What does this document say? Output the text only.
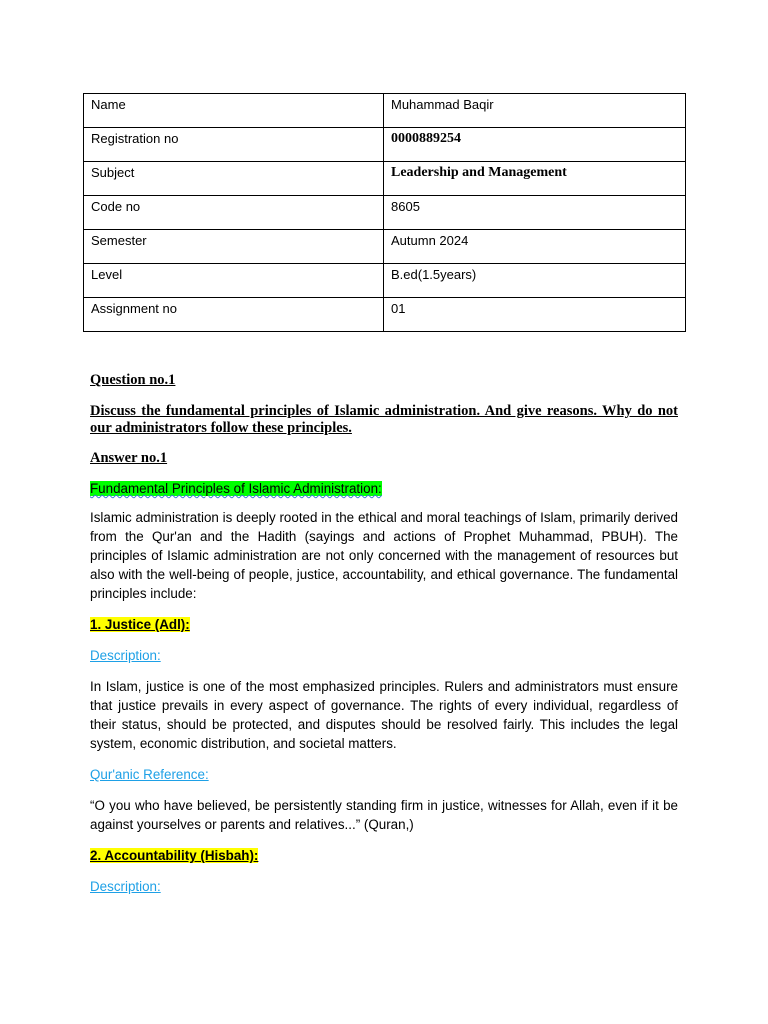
Name	Muhammad Baqir
Registration no	0000889254
Subject	Leadership and Management
Code no	8605
Semester	Autumn 2024
Level	B.ed(1.5years)
Assignment no	01

Question no.1

Discuss the fundamental principles of Islamic administration. And give reasons. Why do not our administrators follow these principles.

Answer no.1

Fundamental Principles of Islamic Administration:

Islamic administration is deeply rooted in the ethical and moral teachings of Islam, primarily derived from the Qur'an and the Hadith (sayings and actions of Prophet Muhammad, PBUH). The principles of Islamic administration are not only concerned with the management of resources but also with the well-being of people, justice, accountability, and ethical governance. The fundamental principles include:

1. Justice (Adl):

Description:

In Islam, justice is one of the most emphasized principles. Rulers and administrators must ensure that justice prevails in every aspect of governance. The rights of every individual, regardless of their status, should be protected, and disputes should be resolved fairly. This includes the legal system, economic distribution, and societal matters.

Qur'anic Reference:

“O you who have believed, be persistently standing firm in justice, witnesses for Allah, even if it be against yourselves or parents and relatives...” (Quran,)

2. Accountability (Hisbah):

Description:
